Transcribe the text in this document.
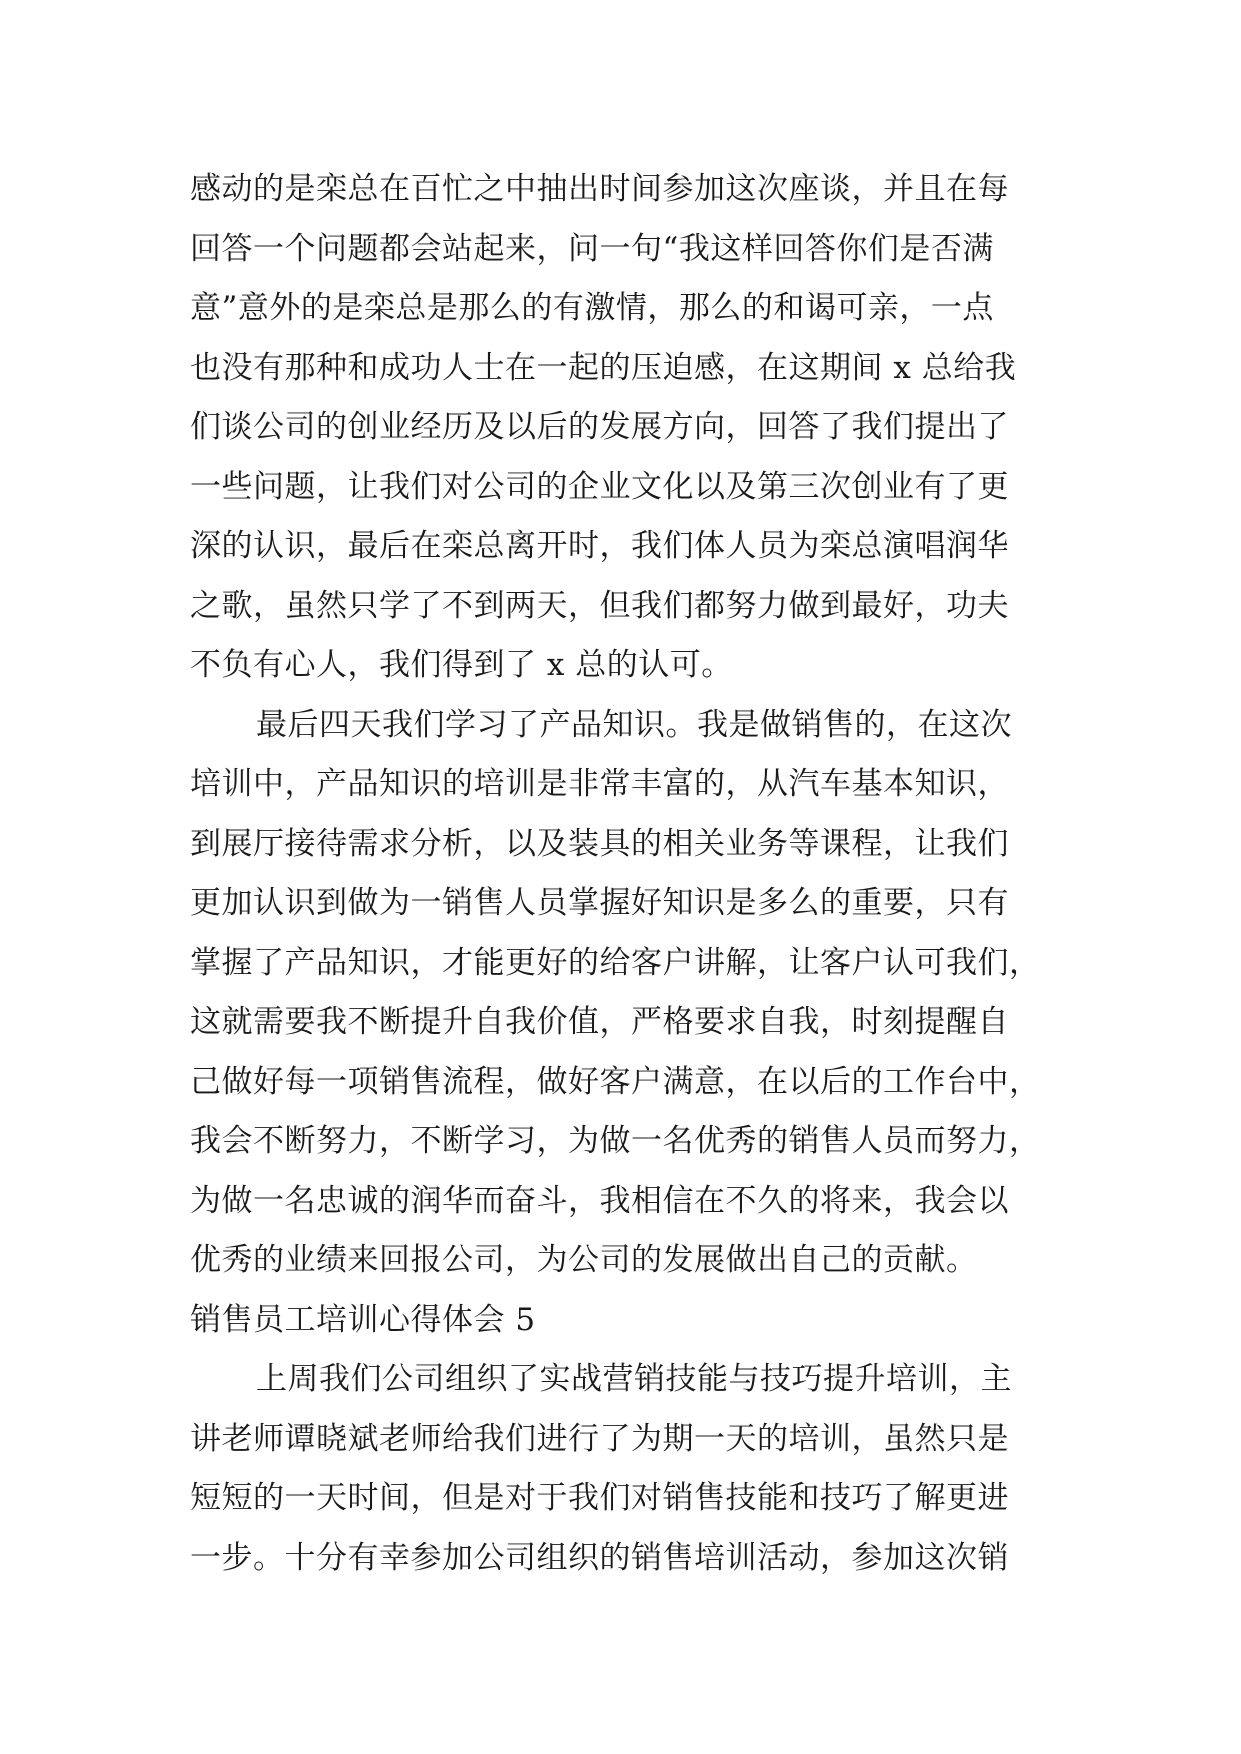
感动的是栾总在百忙之中抽出时间参加这次座谈，并且在每
回答一个问题都会站起来，问一句“我这样回答你们是否满
意”意外的是栾总是那么的有激情，那么的和谒可亲，一点
也没有那种和成功人士在一起的压迫感，在这期间 x 总给我
们谈公司的创业经历及以后的发展方向，回答了我们提出了
一些问题，让我们对公司的企业文化以及第三次创业有了更
深的认识，最后在栾总离开时，我们体人员为栾总演唱润华
之歌，虽然只学了不到两天，但我们都努力做到最好，功夫
不负有心人，我们得到了 x 总的认可。
最后四天我们学习了产品知识。我是做销售的，在这次
培训中，产品知识的培训是非常丰富的，从汽车基本知识，
到展厅接待需求分析，以及装具的相关业务等课程，让我们
更加认识到做为一销售人员掌握好知识是多么的重要，只有
掌握了产品知识，才能更好的给客户讲解，让客户认可我们，
这就需要我不断提升自我价值，严格要求自我，时刻提醒自
己做好每一项销售流程，做好客户满意，在以后的工作台中，
我会不断努力，不断学习，为做一名优秀的销售人员而努力，
为做一名忠诚的润华而奋斗，我相信在不久的将来，我会以
优秀的业绩来回报公司，为公司的发展做出自己的贡献。
销售员工培训心得体会 5
上周我们公司组织了实战营销技能与技巧提升培训，主
讲老师谭晓斌老师给我们进行了为期一天的培训，虽然只是
短短的一天时间，但是对于我们对销售技能和技巧了解更进
一步。十分有幸参加公司组织的销售培训活动，参加这次销
